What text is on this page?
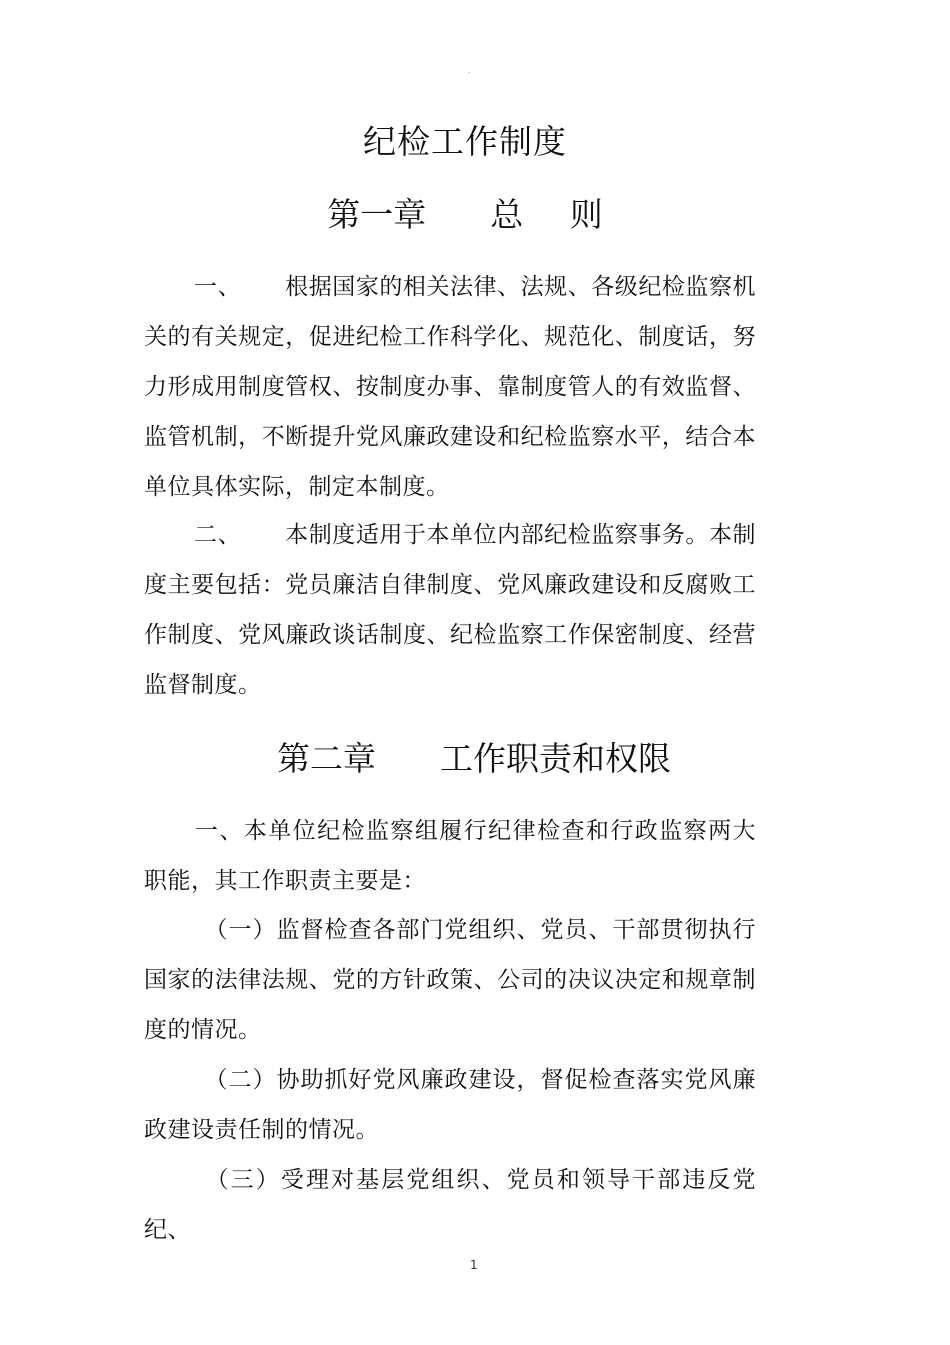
-
纪检工作制度
第一章 总 则

一、 根据国家的相关法律、法规、各级纪检监察机关的有关规定，促进纪检工作科学化、规范化、制度话，努力形成用制度管权、按制度办事、靠制度管人的有效监督、监管机制，不断提升党风廉政建设和纪检监察水平，结合本单位具体实际，制定本制度。

二、 本制度适用于本单位内部纪检监察事务。本制度主要包括：党员廉洁自律制度、党风廉政建设和反腐败工作制度、党风廉政谈话制度、纪检监察工作保密制度、经营监督制度。

第二章 工作职责和权限

一、本单位纪检监察组履行纪律检查和行政监察两大职能，其工作职责主要是：

（一）监督检查各部门党组织、党员、干部贯彻执行国家的法律法规、党的方针政策、公司的决议决定和规章制度的情况。

（二）协助抓好党风廉政建设，督促检查落实党风廉政建设责任制的情况。

（三）受理对基层党组织、党员和领导干部违反党纪、

1
